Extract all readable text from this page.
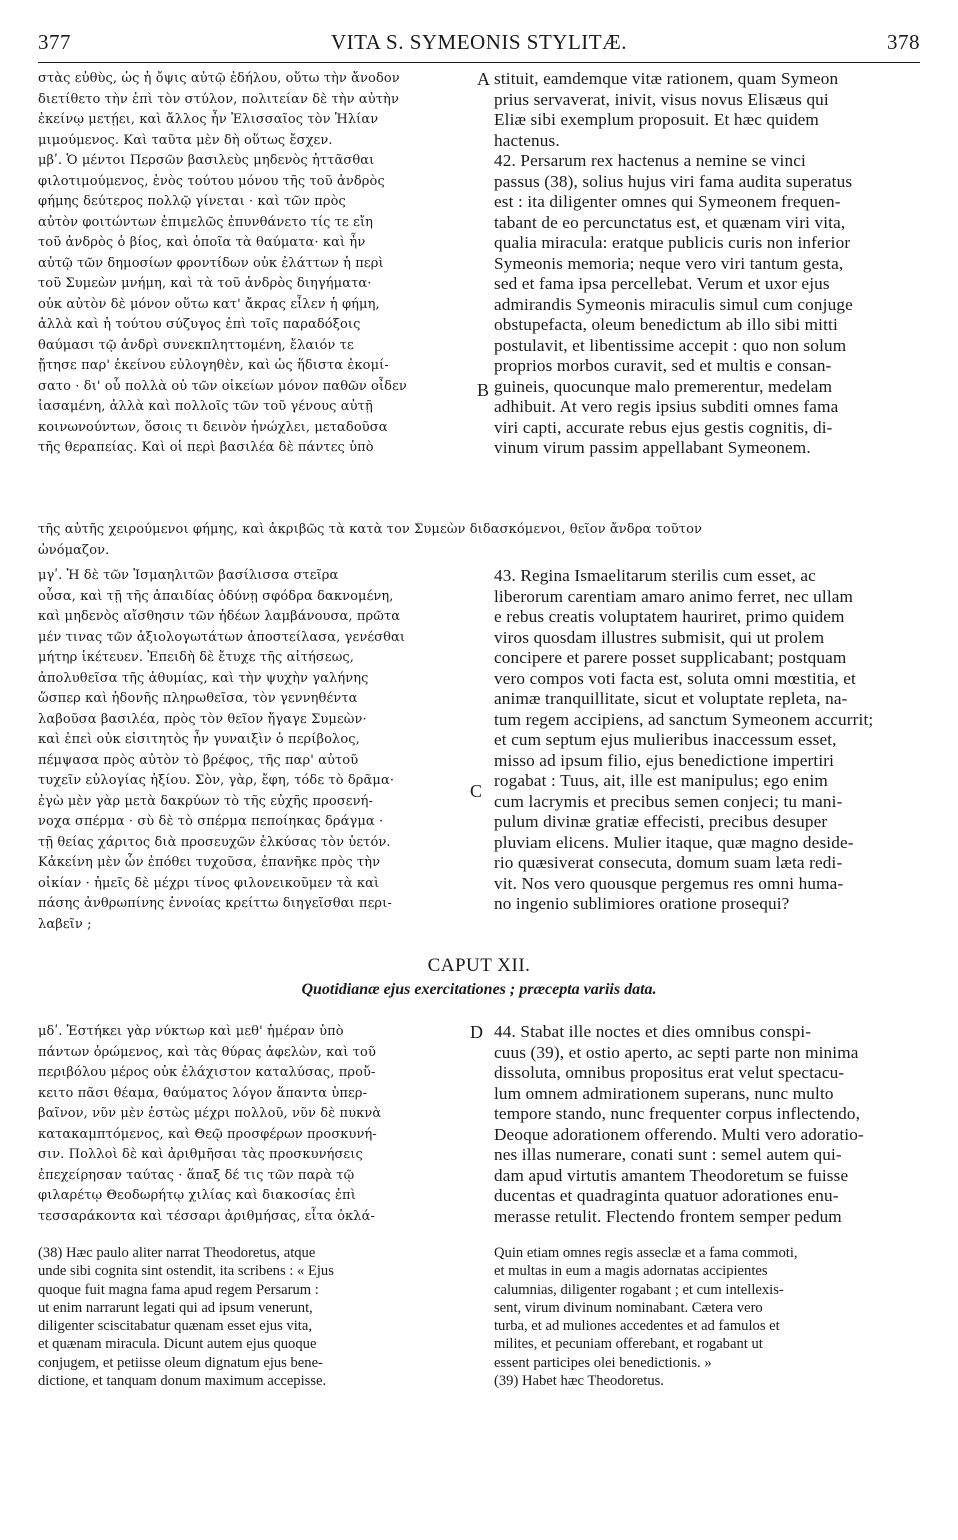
377	VITA S. SYMEONIS STYLITÆ.	378
στὰς εὐθὺς, ὡς ἡ ὄψις αὐτῷ ἐδήλου, οὕτω τὴν ἄνοδον
διετίθετο τὴν ἐπὶ τὸν στύλον, πολιτείαν δὲ τὴν αὐτὴν
ἐκείνῳ μετῄει, καὶ ἄλλος ἦν Ἐλισσαῖος τὸν Ἡλίαν
μιμούμενος. Καὶ ταῦτα μὲν δὴ οὕτως ἔσχεν.
μβʹ. Ὁ μέντοι Περσῶν βασιλεὺς μηδενὸς ἡττᾶσθαι
φιλοτιμούμενος, ἑνὸς τούτου μόνου τῆς τοῦ ἀνδρὸς
φήμης δεύτερος πολλῷ γίνεται · καὶ τῶν πρὸς
αὐτὸν φοιτώντων ἐπιμελῶς ἐπυνθάνετο τίς τε εἴη
τοῦ ἀνδρὸς ὁ βίος, καὶ ὁποῖα τὰ θαύματα· καὶ ἦν
αὐτῷ τῶν δημοσίων φροντίδων οὐκ ἐλάττων ἡ περὶ
τοῦ Συμεὼν μνήμη, καὶ τὰ τοῦ ἀνδρὸς διηγήματα·
οὐκ αὐτὸν δὲ μόνον οὕτω κατ' ἄκρας εἷλεν ἡ φήμη,
ἀλλὰ καὶ ἡ τούτου σύζυγος ἐπὶ τοῖς παραδόξοις
θαύμασι τῷ ἀνδρὶ συνεκπληττομένη, ἔλαιόν τε
ᾔτησε παρ' ἐκείνου εὐλογηθὲν, καὶ ὡς ἥδιστα ἐκομί-
σατο · δι' οὗ πολλὰ οὐ τῶν οἰκείων μόνον παθῶν οἶδεν
ἰασαμένη, ἀλλὰ καὶ πολλοῖς τῶν τοῦ γένους αὐτῇ
κοινωνούντων, ὅσοις τι δεινὸν ἠνώχλει, μεταδοῦσα
τῆς θεραπείας. Καὶ οἱ περὶ βασιλέα δὲ πάντες ὑπὸ
stituit, eamdemque vitæ rationem, quam Symeon
prius servaverat, inivit, visus novus Elisæus qui
Eliæ sibi exemplum proposuit. Et hæc quidem
hactenus.
42. Persarum rex hactenus a nemine se vinci
passus (38), solius hujus viri fama audita superatus
est : ita diligenter omnes qui Symeonem frequen-
tabant de eo percunctatus est, et quænam viri vita,
qualia miracula: eratque publicis curis non inferior
Symeonis memoria; neque vero viri tantum gesta,
sed et fama ipsa percellebat. Verum et uxor ejus
admirandis Symeonis miraculis simul cum conjuge
obstupefacta, oleum benedictum ab illo sibi mitti
postulavit, et libentissime accepit : quo non solum
proprios morbos curavit, sed et multis e consan-
guineis, quocunque malo premerentur, medelam
adhibuit. At vero regis ipsius subditi omnes fama
viri capti, accurate rebus ejus gestis cognitis, di-
vinum virum passim appellabant Symeonem.
τῆς αὐτῆς χειρούμενοι φήμης, καὶ ἀκριβῶς τὰ κατὰ τον Συμεὼν διδασκόμενοι, θεῖον ἄνδρα τοῦτον
ὠνόμαζον.
μγʹ. Ἡ δὲ τῶν Ἰσμαηλιτῶν βασίλισσα στεῖρα
οὖσα, καὶ τῇ τῆς ἀπαιδίας ὀδύνῃ σφόδρα δακνομένη,
καὶ μηδενὸς αἴσθησιν τῶν ἡδέων λαμβάνουσα, πρῶτα
μέν τινας τῶν ἀξιολογωτάτων ἀποστείλασα, γενέσθαι
μήτηρ ἱκέτευεν. Ἐπειδὴ δὲ ἔτυχε τῆς αἰτήσεως,
ἀπολυθεῖσα τῆς ἀθυμίας, καὶ τὴν ψυχὴν γαλήνης
ὥσπερ καὶ ἡδονῆς πληρωθεῖσα, τὸν γεννηθέντα
λαβοῦσα βασιλέα, πρὸς τὸν θεῖον ἤγαγε Συμεὼν·
καὶ ἐπεὶ οὐκ εἰσιτητὸς ἦν γυναιξὶν ὁ περίβολος,
πέμψασα πρὸς αὐτὸν τὸ βρέφος, τῆς παρ' αὐτοῦ
τυχεῖν εὐλογίας ἠξίου. Σὸν, γὰρ, ἔφη, τόδε τὸ δρᾶμα·
ἐγὼ μὲν γὰρ μετὰ δακρύων τὸ τῆς εὐχῆς προσενή-
νοχα σπέρμα · σὺ δὲ τὸ σπέρμα πεποίηκας δράγμα ·
τῇ θείας χάριτος διὰ προσευχῶν ἑλκύσας τὸν ὑετόν.
Κἀκείνη μὲν ὧν ἐπόθει τυχοῦσα, ἐπανῆκε πρὸς τὴν
οἰκίαν · ἡμεῖς δὲ μέχρι τίνος φιλονεικοῦμεν τὰ καὶ
πάσης ἀνθρωπίνης ἐννοίας κρείττω διηγεῖσθαι περι-
λαβεῖν ;
43. Regina Ismaelitarum sterilis cum esset, ac
liberorum carentiam amaro animo ferret, nec ullam
e rebus creatis voluptatem hauriret, primo quidem
viros quosdam illustres submisit, qui ut prolem
concipere et parere posset supplicabant; postquam
vero compos voti facta est, soluta omni mœstitia, et
animæ tranquillitate, sicut et voluptate repleta, na-
tum regem accipiens, ad sanctum Symeonem accurrit;
et cum septum ejus mulieribus inaccessum esset,
misso ad ipsum filio, ejus benedictione impertiri
rogabat : Tuus, ait, ille est manipulus; ego enim
cum lacrymis et precibus semen conjeci; tu mani-
pulum divinæ gratiæ effecisti, precibus desuper
pluviam elicens. Mulier itaque, quæ magno deside-
rio quæsiverat consecuta, domum suam læta redi-
vit. Nos vero quousque pergemus res omni huma-
no ingenio sublimiores oratione prosequi?
CAPUT XII.
Quotidianæ ejus exercitationes ; præcepta variis data.
μδʹ. Ἑστήκει γὰρ νύκτωρ καὶ μεθ' ἡμέραν ὑπὸ
πάντων ὁρώμενος, καὶ τὰς θύρας ἀφελὼν, καὶ τοῦ
περιβόλου μέρος οὐκ ἐλάχιστον καταλύσας, προὔ-
κειτο πᾶσι θέαμα, θαύματος λόγον ἅπαντα ὑπερ-
βαῖνον, νῦν μὲν ἑστὼς μέχρι πολλοῦ, νῦν δὲ πυκνὰ
κατακαμπτόμενος, καὶ Θεῷ προσφέρων προσκυνή-
σιν. Πολλοὶ δὲ καὶ ἀριθμῆσαι τὰς προσκυνήσεις
ἐπεχείρησαν ταύτας · ἅπαξ δέ τις τῶν παρὰ τῷ
φιλαρέτῳ Θεοδωρήτῳ χιλίας καὶ διακοσίας ἐπὶ
τεσσαράκοντα καὶ τέσσαρι ἀριθμήσας, εἶτα ὀκλά-
44. Stabat ille noctes et dies omnibus conspi-
cuus (39), et ostio aperto, ac septi parte non minima
dissoluta, omnibus propositus erat velut spectacu-
lum omnem admirationem superans, nunc multo
tempore stando, nunc frequenter corpus inflectendo,
Deoque adorationem offerendo. Multi vero adoratio-
nes illas numerare, conati sunt : semel autem qui-
dam apud virtutis amantem Theodoretum se fuisse
ducentas et quadraginta quatuor adorationes enu-
merasse retulit. Flectendo frontem semper pedum
A
B
C
D
(38) Hæc paulo aliter narrat Theodoretus, atque
unde sibi cognita sint ostendit, ita scribens : « Ejus
quoque fuit magna fama apud regem Persarum :
ut enim narrarunt legati qui ad ipsum venerunt,
diligenter sciscitabatur quænam esset ejus vita,
et quænam miracula. Dicunt autem ejus quoque
conjugem, et petiisse oleum dignatum ejus bene-
dictione, et tanquam donum maximum accepisse.
Quin etiam omnes regis asseclæ et a fama commoti,
et multas in eum a magis adornatas accipientes
calumnias, diligenter rogabant ; et cum intellexis-
sent, virum divinum nominabant. Cætera vero
turba, et ad muliones accedentes et ad famulos et
milites, et pecuniam offerebant, et rogabant ut
essent participes olei benedictionis. »
(39) Habet hæc Theodoretus.
